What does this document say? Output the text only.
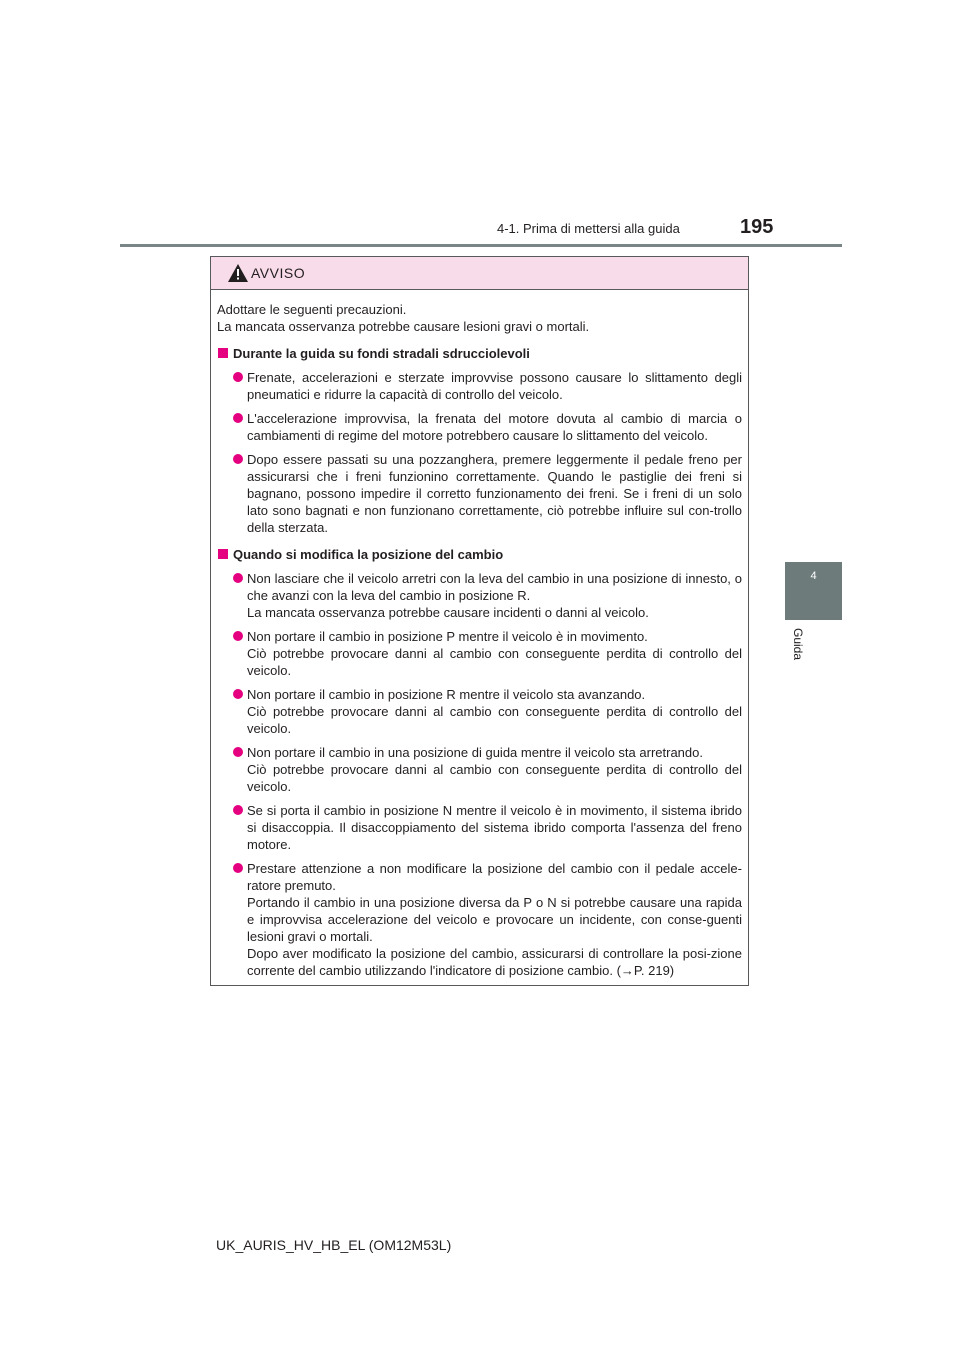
195
4-1. Prima di mettersi alla guida
4
Guida
AVVISO

Adottare le seguenti precauzioni.

La mancata osservanza potrebbe causare lesioni gravi o mortali.

Durante la guida su fondi stradali sdrucciolevoli

Frenate, accelerazioni e sterzate improvvise possono causare lo slittamento degli pneumatici e ridurre la capacità di controllo del veicolo.

L'accelerazione improvvisa, la frenata del motore dovuta al cambio di marcia o cambiamenti di regime del motore potrebbero causare lo slittamento del veicolo.

Dopo essere passati su una pozzanghera, premere leggermente il pedale freno per assicurarsi che i freni funzionino correttamente. Quando le pastiglie dei freni si bagnano, possono impedire il corretto funzionamento dei freni. Se i freni di un solo lato sono bagnati e non funzionano correttamente, ciò potrebbe influire sul con-trollo della sterzata.

Quando si modifica la posizione del cambio

Non lasciare che il veicolo arretri con la leva del cambio in una posizione di innesto, o che avanzi con la leva del cambio in posizione R.

La mancata osservanza potrebbe causare incidenti o danni al veicolo.

Non portare il cambio in posizione P mentre il veicolo è in movimento.

Ciò potrebbe provocare danni al cambio con conseguente perdita di controllo del veicolo.

Non portare il cambio in posizione R mentre il veicolo sta avanzando.

Ciò potrebbe provocare danni al cambio con conseguente perdita di controllo del veicolo.

Non portare il cambio in una posizione di guida mentre il veicolo sta arretrando.

Ciò potrebbe provocare danni al cambio con conseguente perdita di controllo del veicolo.

Se si porta il cambio in posizione N mentre il veicolo è in movimento, il sistema ibrido si disaccoppia. Il disaccoppiamento del sistema ibrido comporta l'assenza del freno motore.

Prestare attenzione a non modificare la posizione del cambio con il pedale accele-ratore premuto.

Portando il cambio in una posizione diversa da P o N si potrebbe causare una rapida e improvvisa accelerazione del veicolo e provocare un incidente, con conse-guenti lesioni gravi o mortali.

Dopo aver modificato la posizione del cambio, assicurarsi di controllare la posi-zione corrente del cambio utilizzando l'indicatore di posizione cambio. (→P. 219)

UK_AURIS_HV_HB_EL (OM12M53L)
